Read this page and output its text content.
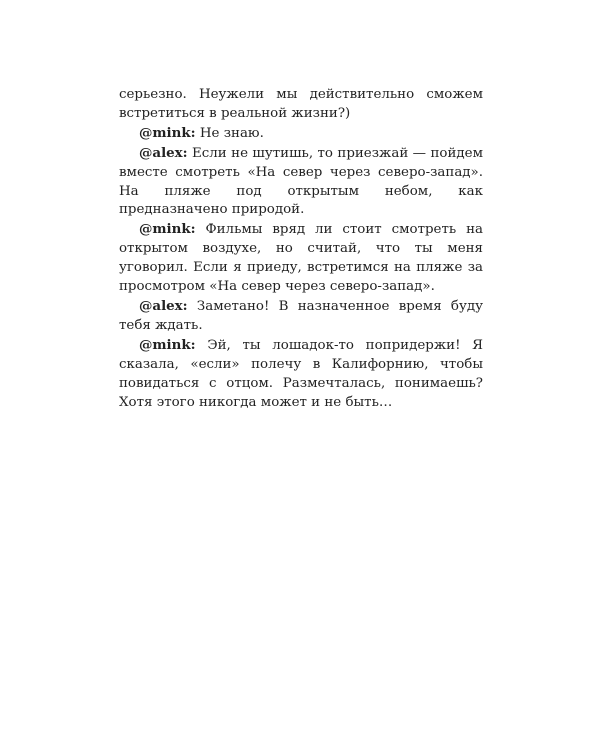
серьезно. Неужели мы действительно сможем встретиться в реальной жизни?)

@mink: Не знаю.

@alex: Если не шутишь, то приезжай — пойдем вместе смотреть «На север через северо-запад». На пляже под открытым небом, как предназначено природой.

@mink: Фильмы вряд ли стоит смотреть на открытом воздухе, но считай, что ты меня уговорил. Если я приеду, встретимся на пляже за просмотром «На север через северо-запад».

@alex: Заметано! В назначенное время буду тебя ждать.

@mink: Эй, ты лошадок-то попридержи! Я сказала, «если» полечу в Калифорнию, чтобы повидаться с отцом. Размечталась, понимаешь? Хотя этого никогда может и не быть…
